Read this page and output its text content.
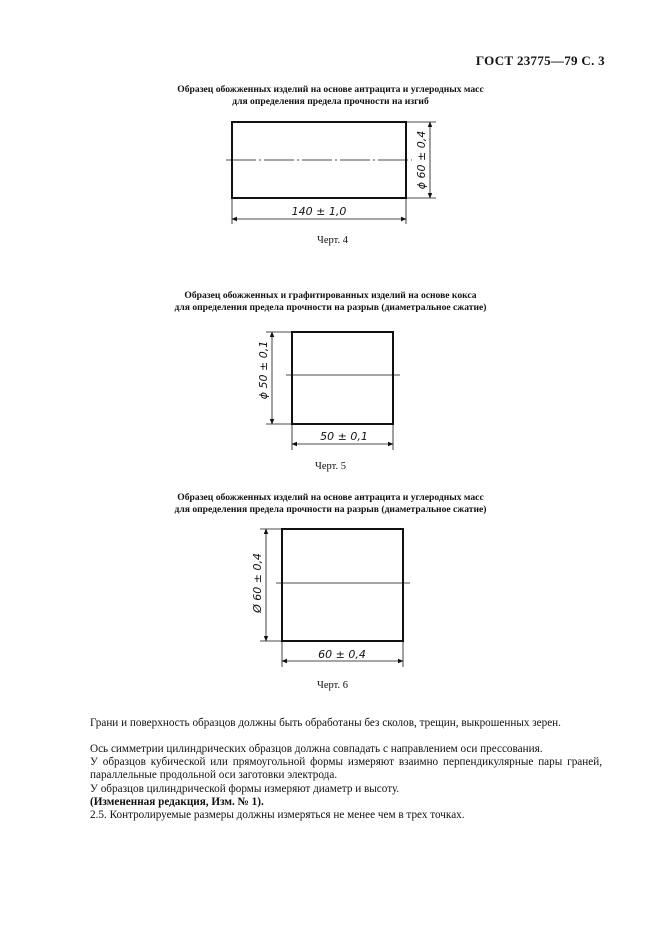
ГОСТ 23775—79 С. 3
Образец обожженных изделий на основе антрацита и углеродных масс
для определения предела прочности на изгиб
Образец обожженных и графитированных изделий на основе кокса
для определения предела прочности на разрыв (диаметральное сжатие)
Образец обожженных изделий на основе антрацита и углеродных масс
для определения предела прочности на разрыв (диаметральное сжатие)
140 ± 1,0
ϕ 60 ± 0,4
50 ± 0,1
ϕ 50 ± 0,1
60 ± 0,4
Ø 60 ± 0,4
Черт. 4
Черт. 5
Черт. 6

Грани и поверхность образцов должны быть обработаны без сколов, трещин, выкрошенных зерен.

Ось симметрии цилиндрических образцов должна совпадать с направлением оси прессования.

У образцов кубической или прямоугольной формы измеряют взаимно перпендикулярные пары граней, параллельные продольной оси заготовки электрода.

У образцов цилиндрической формы измеряют диаметр и высоту.

(Измененная редакция, Изм. № 1).

2.5. Контролируемые размеры должны измеряться не менее чем в трех точках.
